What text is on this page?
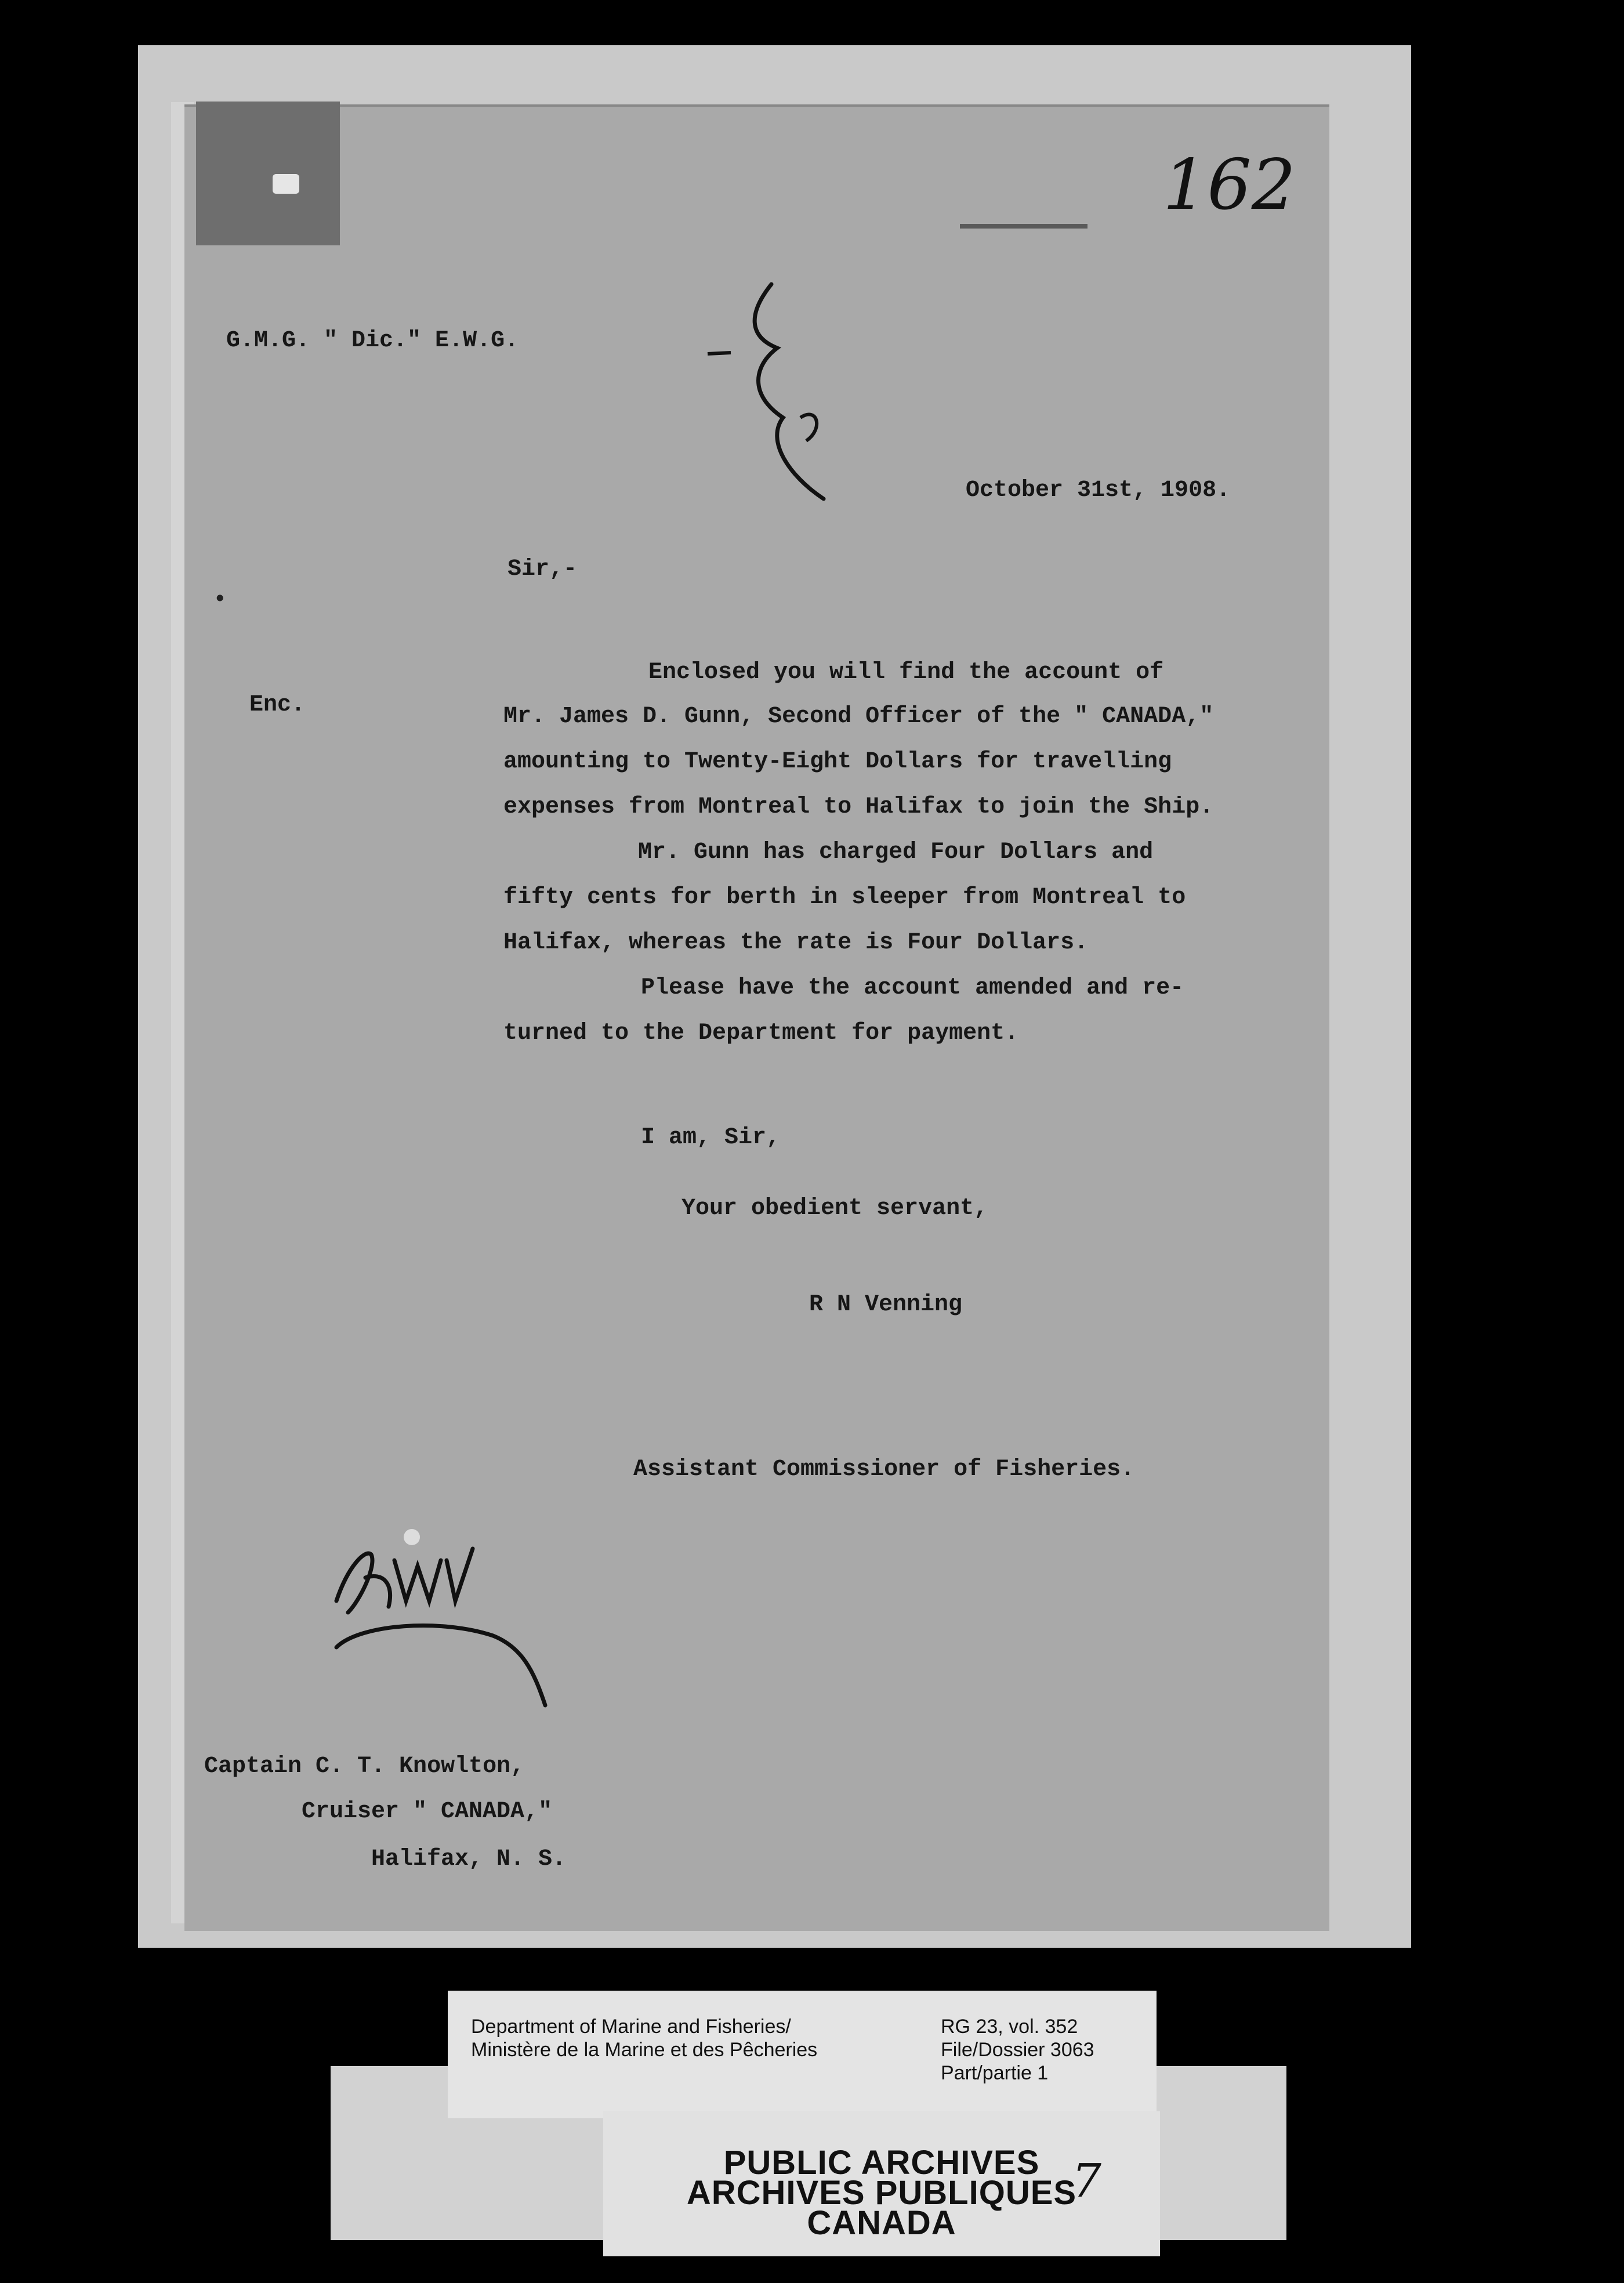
162

G.M.G. " Dic." E.W.G.

October 31st, 1908.

Sir,-

•

Enc.

Enclosed you will find the account of

Mr. James D. Gunn, Second Officer of the " CANADA,"

amounting to Twenty-Eight Dollars for travelling

expenses from Montreal to Halifax to join the Ship.

Mr. Gunn has charged Four Dollars and

fifty cents for berth in sleeper from Montreal to

Halifax, whereas the rate is Four Dollars.

Please have the account amended and re-

turned to the Department for payment.

I am, Sir,

Your obedient servant,

R N Venning

Assistant Commissioner of Fisheries.

Captain C. T. Knowlton,

Cruiser " CANADA,"

Halifax, N. S.

Department of Marine and Fisheries/

Ministère de la Marine et des Pêcheries

RG 23, vol. 352

File/Dossier 3063

Part/partie 1

PUBLIC ARCHIVES

ARCHIVES PUBLIQUES

CANADA

7
